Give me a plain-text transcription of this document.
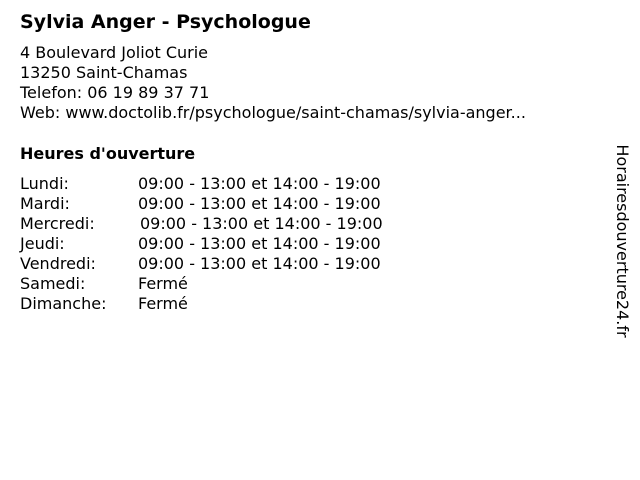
Sylvia Anger - Psychologue
4 Boulevard Joliot Curie
13250 Saint-Chamas
Telefon: 06 19 89 37 71
Web: www.doctolib.fr/psychologue/saint-chamas/sylvia-anger...
Heures d'ouverture
Lundi:	09:00 - 13:00 et 14:00 - 19:00
Mardi:	09:00 - 13:00 et 14:00 - 19:00
Mercredi:	09:00 - 13:00 et 14:00 - 19:00
Jeudi:	09:00 - 13:00 et 14:00 - 19:00
Vendredi:	09:00 - 13:00 et 14:00 - 19:00
Samedi:	Fermé
Dimanche: Fermé	Horairesdouverture24.fr
